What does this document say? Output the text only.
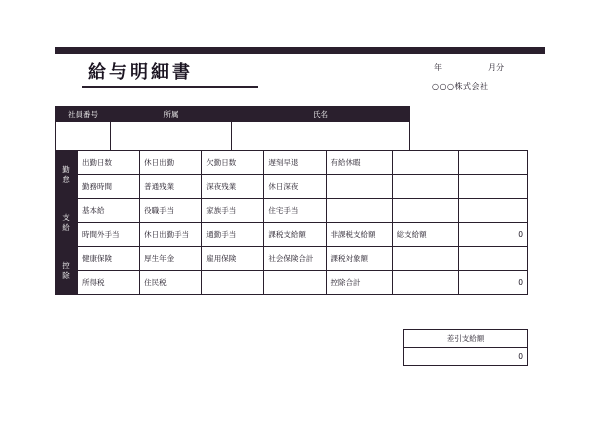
給与明細書	年	月分
○○○株式会社
社員番号	所属	氏名

勤怠	出勤日数	休日出勤	欠勤日数	遅刻早退	有給休暇		
	勤務時間	普通残業	深夜残業	休日深夜			
支給	基本給	役職手当	家族手当	住宅手当			
	時間外手当	休日出勤手当	通勤手当	課税支給額	非課税支給額	総支給額	0
控除	健康保険	厚生年金	雇用保険	社会保険合計	課税対象額		
	所得税	住民税			控除合計		0
差引支給額
0
